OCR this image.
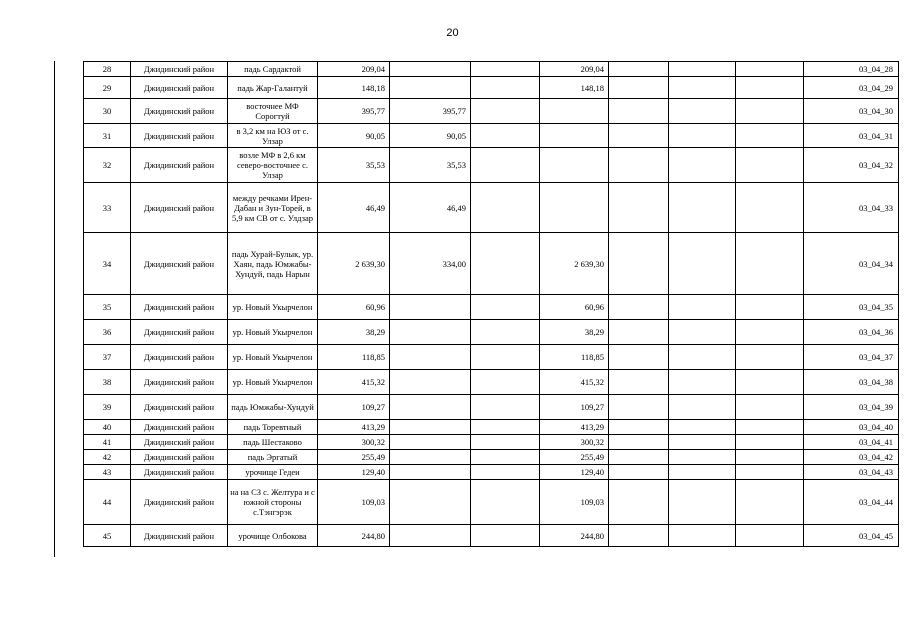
20
28	Джидинский район	падь Сардактой	209,04			209,04				03_04_28
29	Джидинский район	падь Жар-Галантуй	148,18			148,18				03_04_29
30	Джидинский район	восточнее МФ Сорогтуй	395,77	395,77						03_04_30
31	Джидинский район	в 3,2 км на ЮЗ от с. Улзар	90,05	90,05						03_04_31
32	Джидинский район	возле МФ в 2,6 км северо-восточнее с. Улзар	35,53	35,53						03_04_32
33	Джидинский район	между речками Ирен-Дабан и Зун-Торей, в 5,9 км СВ от с. Улдзар	46,49	46,49						03_04_33
34	Джидинский район	падь Хурай-Булык, ур. Хаян, падь Юмжабы-Хундуй, падь Нарын	2 639,30	334,00		2 639,30				03_04_34
35	Джидинский район	ур. Новый Укырчелон	60,96			60,96				03_04_35
36	Джидинский район	ур. Новый Укырчелон	38,29			38,29				03_04_36
37	Джидинский район	ур. Новый Укырчелон	118,85			118,85				03_04_37
38	Джидинский район	ур. Новый Укырчелон	415,32			415,32				03_04_38
39	Джидинский район	падь Юмжабы-Хундуй	109,27			109,27				03_04_39
40	Джидинский район	падь Торевтный	413,29			413,29				03_04_40
41	Джидинский район	падь Шестаково	300,32			300,32				03_04_41
42	Джидинский район	падь Эргатый	255,49			255,49				03_04_42
43	Джидинский район	урочище Гедеи	129,40			129,40				03_04_43
44	Джидинский район	на на СЗ с. Желтура и с южной стороны с.Тэнгэрэк	109,03			109,03				03_04_44
45	Джидинский район	урочище Олбокова	244,80			244,80				03_04_45
